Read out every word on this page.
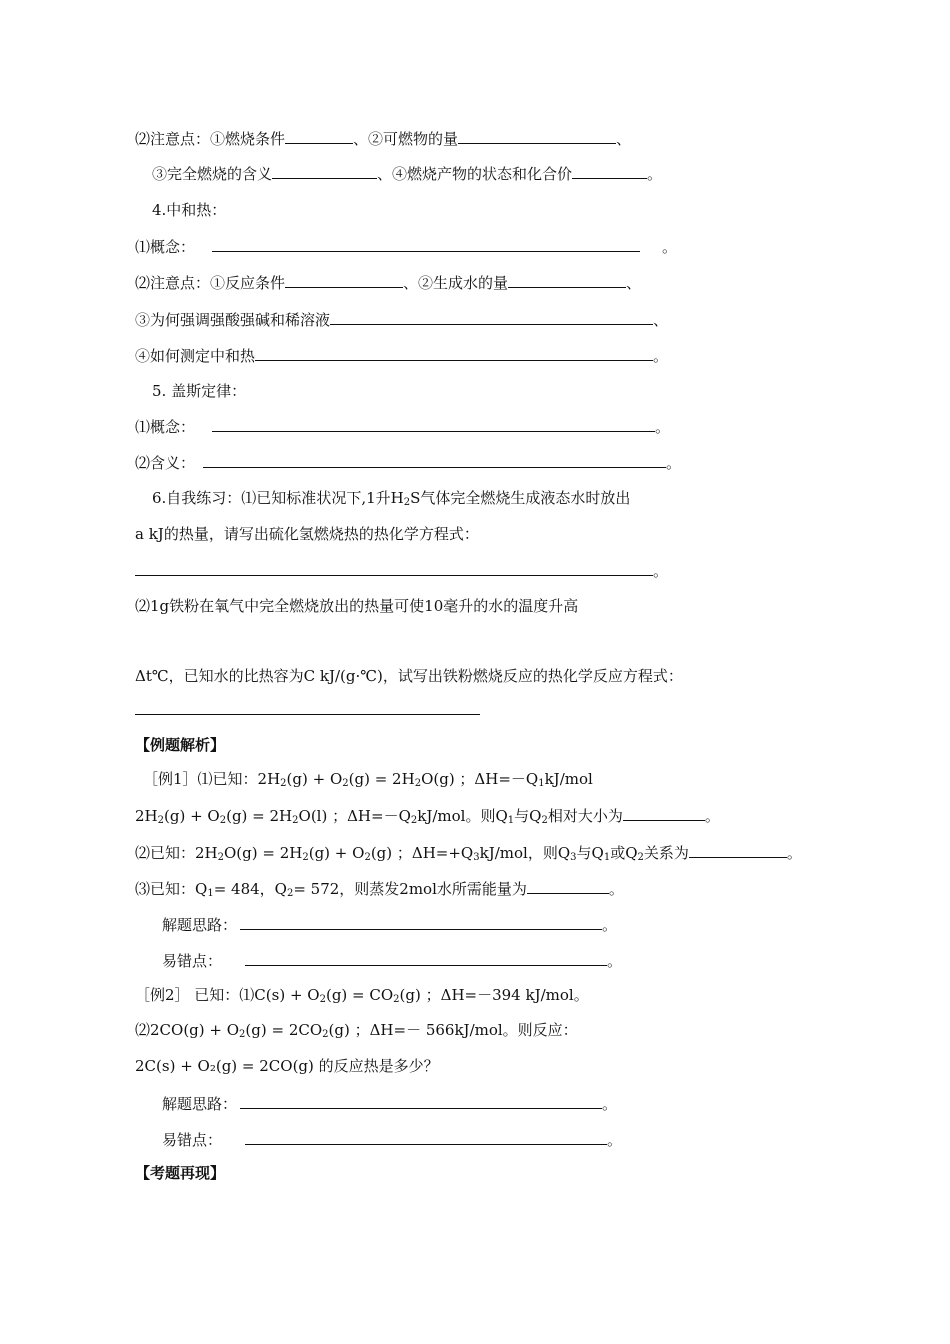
⑵注意点：①燃烧条件	、②可燃物的量	、
③完全燃烧的含义	、④燃烧产物的状态和化合价	。
4.中和热：
⑴概念：	。
⑵注意点：①反应条件	、②生成水的量	、
③为何强调强酸强碱和稀溶液	、
④如何测定中和热	。
5. 盖斯定律：
⑴概念：	。
⑵含义：	。
6.自我练习：⑴已知标准状况下,1升$H_2S$气体完全燃烧生成液态水时放出
a kJ的热量，请写出硫化氢燃烧热的热化学方程式：
。
⑵1g铁粉在氧气中完全燃烧放出的热量可使10毫升的水的温度升高
Δt℃，已知水的比热容为C kJ/(g·℃)，试写出铁粉燃烧反应的热化学反应方程式：
【例题解析】
［例1］⑴已知：$2H_2(g) + O_2(g) = 2H_2O(g)$ ；$\Delta H=-Q_1kJ$/mol
$2H_2(g) + O_2(g) = 2H_2O(l)$ ；$\Delta H=-Q_2kJ$/mol。则$Q_1$与$Q_2$相对大小为	。
⑵已知：$2H_2O(g) = 2H_2(g) + O_2(g)$ ；$\Delta H=+Q_3kJ$/mol，则$Q_3$与$Q_1$或$Q_2$关系为	。
⑶已知：$Q_1= 484$，$Q_2= 572$，则蒸发2mol水所需能量为	。
解题思路：	。
易错点：	。
［例2］ 已知：⑴C(s) + $O_2(g) = CO_2(g)$ ；ΔH=－394 kJ/mol。
⑵2CO(g) + $O_2(g) = 2CO_2(g)$ ；ΔH=－ 566kJ/mol。则反应：
2C(s) + O₂(g) = 2CO(g) 的反应热是多少？
解题思路：	。
易错点：	。
【考题再现】
